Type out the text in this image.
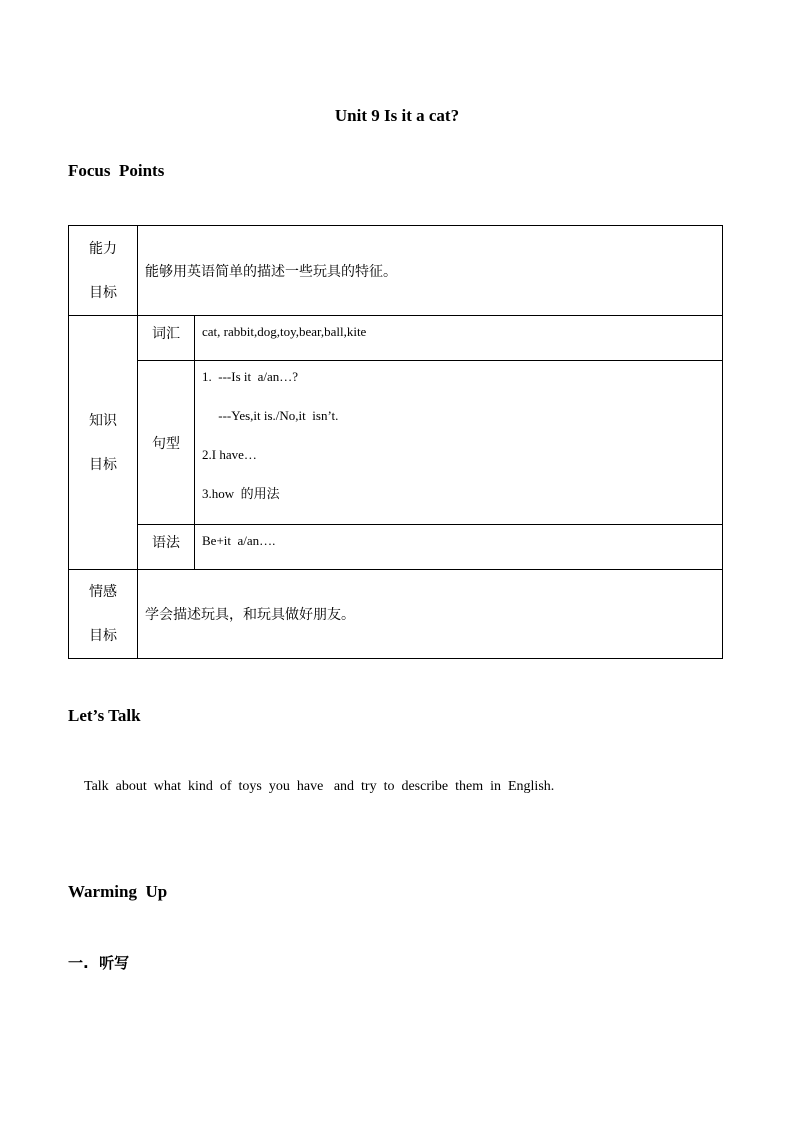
Unit 9 Is it a cat?
Focus  Points
能力
目标	能够用英语简单的描述一些玩具的特征。	

知识
目标	词汇	cat, rabbit,dog,toy,bear,ball,kite

	句型	1.  ---Is it  a/an…?
---Yes,it is./No,it  isn’t.
2.I have…
3.how  的用法

	语法	Be+it  a/an….

情感
目标	学会描述玩具，和玩具做好朋友。	
Let’s Talk
Talk  about  what  kind  of  toys  you  have   and  try  to  describe  them  in  English.
Warming  Up
一.  听写
